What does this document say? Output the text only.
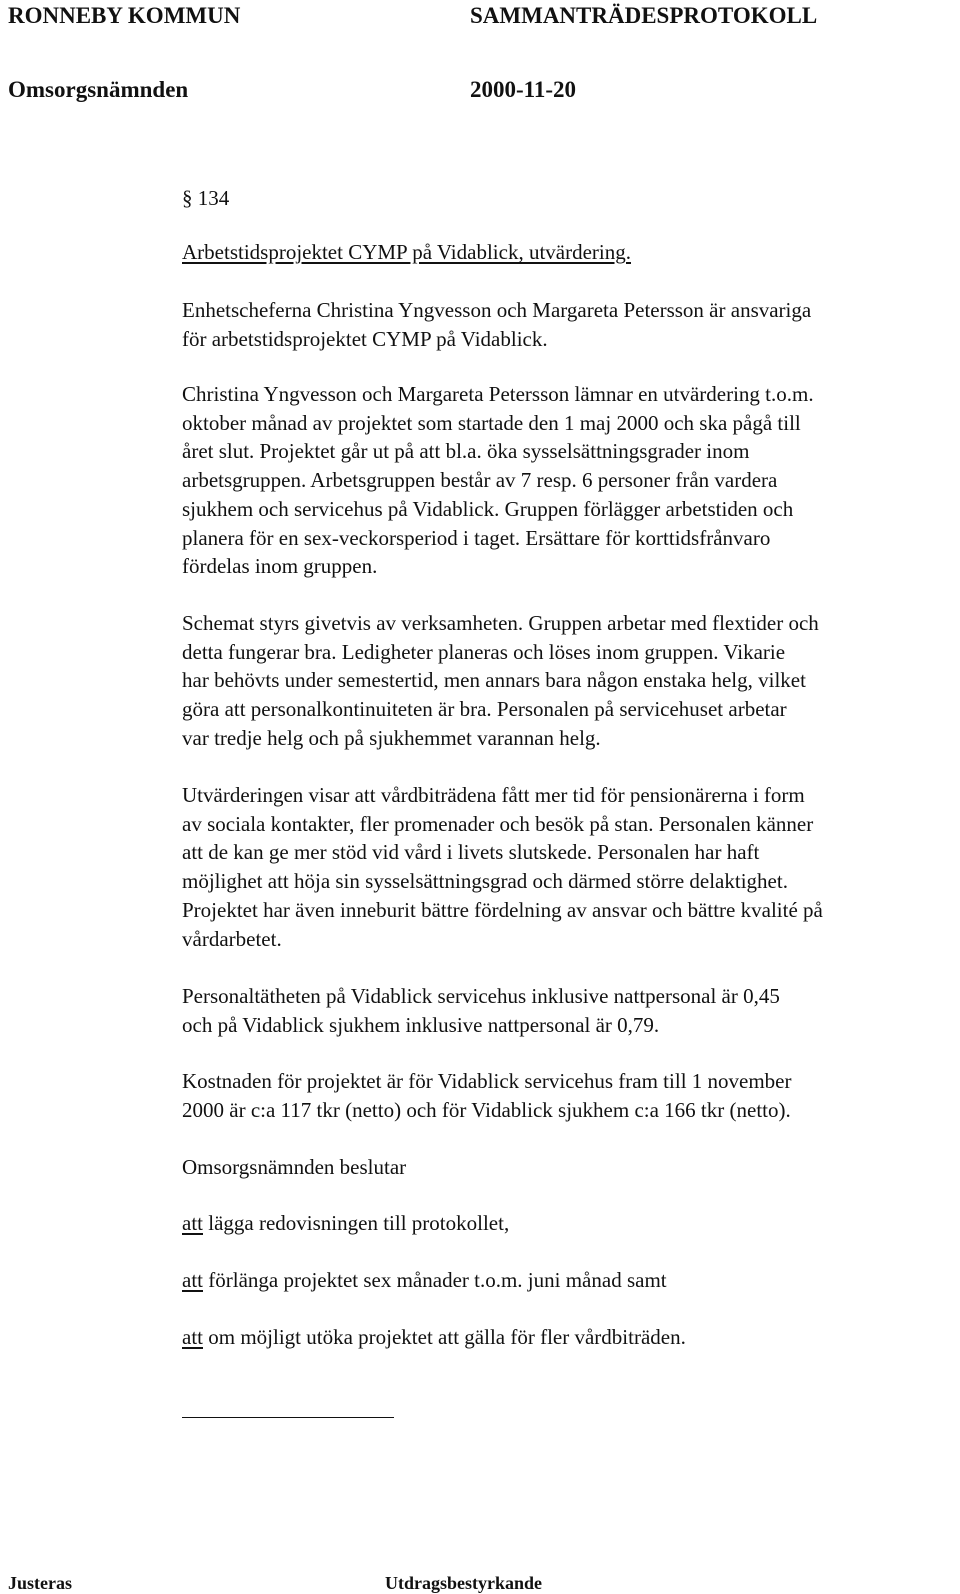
RONNEBY KOMMUN	SAMMANTRÄDESPROTOKOLL
Omsorgsnämnden	2000-11-20
§ 134
Arbetstidsprojektet CYMP på Vidablick, utvärdering.
Enhetscheferna Christina Yngvesson och Margareta Petersson är ansvariga
för arbetstidsprojektet CYMP på Vidablick.
Christina Yngvesson och Margareta Petersson lämnar en utvärdering t.o.m.
oktober månad av projektet som startade den 1 maj 2000 och ska pågå till
året slut. Projektet går ut på att bl.a. öka sysselsättningsgrader inom
arbetsgruppen. Arbetsgruppen består av 7 resp. 6 personer från vardera
sjukhem och servicehus på Vidablick. Gruppen förlägger arbetstiden och
planera för en sex-veckorsperiod i taget. Ersättare för korttidsfrånvaro
fördelas inom gruppen.
Schemat styrs givetvis av verksamheten. Gruppen arbetar med flextider och
detta fungerar bra. Ledigheter planeras och löses inom gruppen. Vikarie
har behövts under semestertid, men annars bara någon enstaka helg, vilket
göra att personalkontinuiteten är bra. Personalen på servicehuset arbetar
var tredje helg och på sjukhemmet varannan helg.
Utvärderingen visar att vårdbiträdena fått mer tid för pensionärerna i form
av sociala kontakter, fler promenader och besök på stan. Personalen känner
att de kan ge mer stöd vid vård i livets slutskede. Personalen har haft
möjlighet att höja sin sysselsättningsgrad och därmed större delaktighet.
Projektet har även inneburit bättre fördelning av ansvar och bättre kvalité på
vårdarbetet.
Personaltätheten på Vidablick servicehus inklusive nattpersonal är 0,45
och på Vidablick sjukhem inklusive nattpersonal är 0,79.
Kostnaden för projektet är för Vidablick servicehus fram till 1 november
2000 är c:a 117 tkr (netto) och för Vidablick sjukhem c:a 166 tkr (netto).
Omsorgsnämnden beslutar
att lägga redovisningen till protokollet,
att förlänga projektet sex månader t.o.m. juni månad samt
att om möjligt utöka projektet att gälla för fler vårdbiträden.
Justeras	Utdragsbestyrkande
